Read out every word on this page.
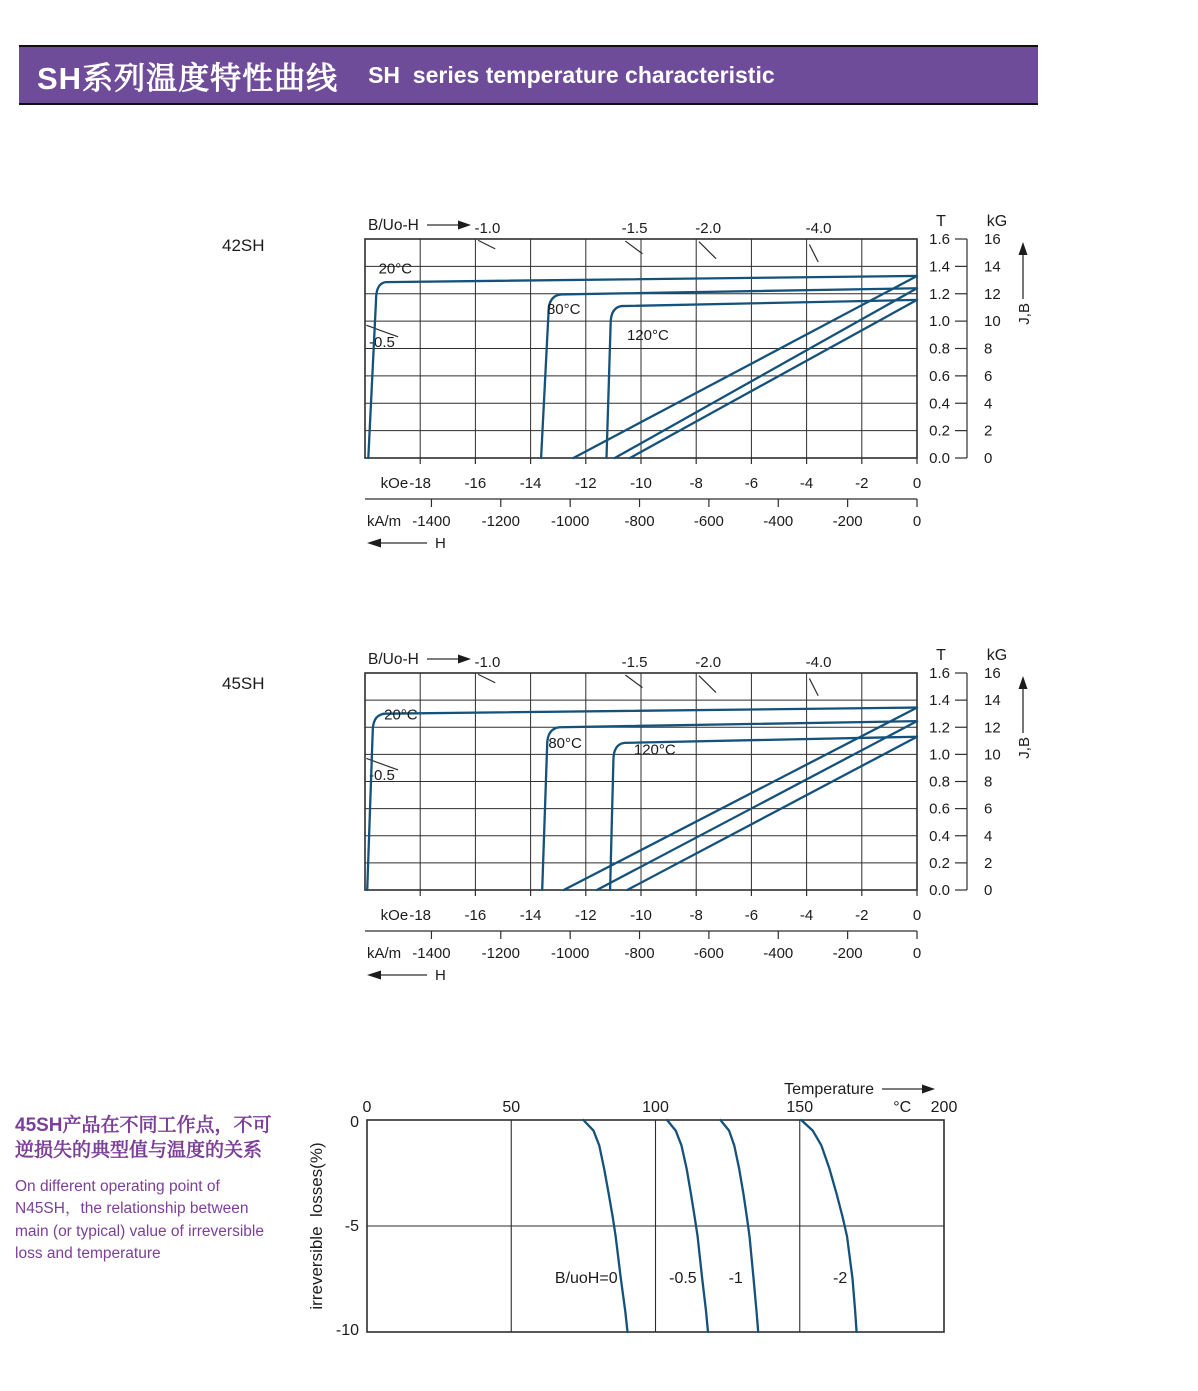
SH系列温度特性曲线 SH  series temperature characteristic
42SH
45SH
45SH产品在不同工作点，不可
逆损失的典型值与温度的关系
On different operating point of
N45SH，the relationship between
main (or typical) value of irreversible
loss and temperature
-18 -16 -14 -12 -10	-8	-6	-4	-2	0
kOe
-1400 -1200 -1000 -800	-600	-400	-200	0
kA/m
H
B/Uo-H	-1.0	-1.5	-2.0	-4.0
-0.5
1.6 16
1.4 14
1.2 12
1.0 10
0.8 8
0.6 6
0.4 4
0.2 2
0.0 0
T	kG
J,B
20°C
80°C
120°C
-18 -16 -14 -12 -10	-8	-6	-4	-2	0
kOe
-1400 -1200 -1000 -800	-600	-400	-200	0
kA/m
H
B/Uo-H	-1.0	-1.5	-2.0	-4.0
-0.5
1.6 16
1.4 14
1.2 12
1.0 10
0.8 8
0.6 6
0.4 4
0.2 2
0.0 0
T	kG
J,B
20°C
80°C	120°C
0	50	100	150	200
°C
Temperature
0
-5
-10
irreversible  losses(%)	B/uoH=0	-0.5 -1	-2
